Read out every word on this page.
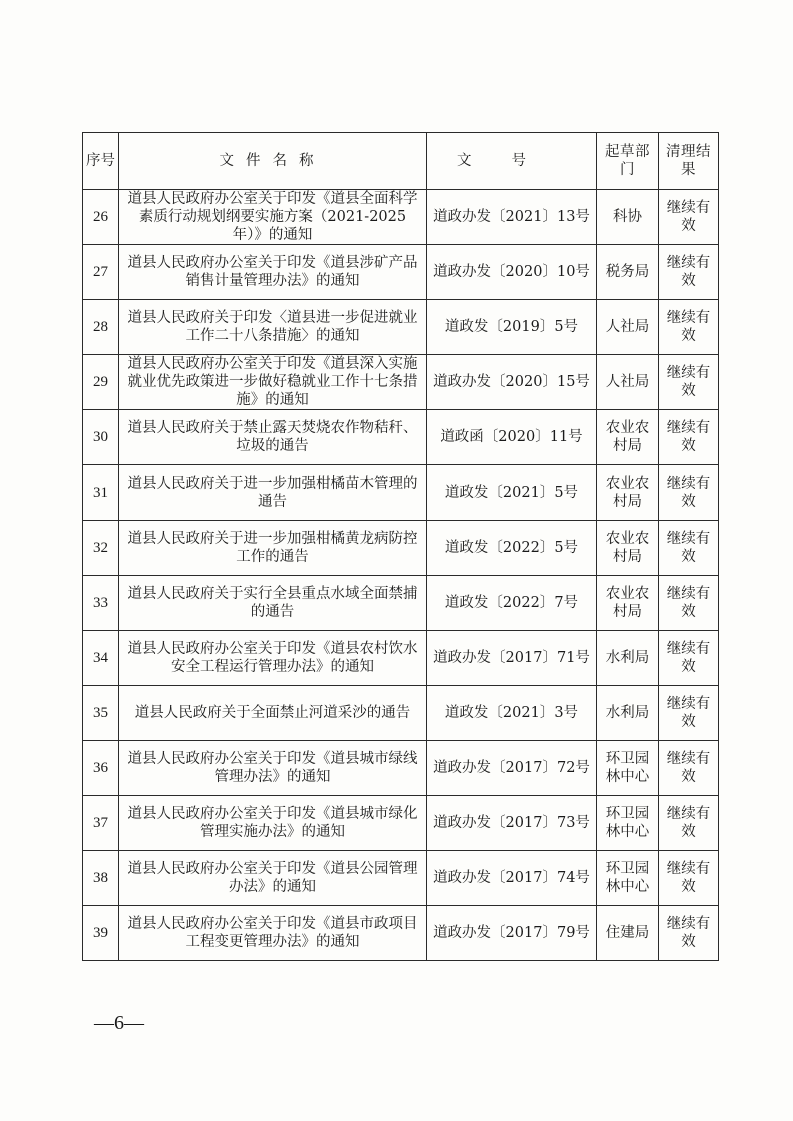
序号	文件名称	文号	起草部门	清理结果
26	道县人民政府办公室关于印发《道县全面科学素质行动规划纲要实施方案（2021-2025年）》的通知	道政办发〔2021〕13号	科协	继续有效
27	道县人民政府办公室关于印发《道县涉矿产品销售计量管理办法》的通知	道政办发〔2020〕10号	税务局	继续有效
28	道县人民政府关于印发〈道县进一步促进就业工作二十八条措施〉的通知	道政发〔2019〕5号	人社局	继续有效
29	道县人民政府办公室关于印发《道县深入实施就业优先政策进一步做好稳就业工作十七条措施》的通知	道政办发〔2020〕15号	人社局	继续有效
30	道县人民政府关于禁止露天焚烧农作物秸秆、垃圾的通告	道政函〔2020〕11号	农业农村局	继续有效
31	道县人民政府关于进一步加强柑橘苗木管理的通告	道政发〔2021〕5号	农业农村局	继续有效
32	道县人民政府关于进一步加强柑橘黄龙病防控工作的通告	道政发〔2022〕5号	农业农村局	继续有效
33	道县人民政府关于实行全县重点水域全面禁捕的通告	道政发〔2022〕7号	农业农村局	继续有效
34	道县人民政府办公室关于印发《道县农村饮水安全工程运行管理办法》的通知	道政办发〔2017〕71号	水利局	继续有效
35	道县人民政府关于全面禁止河道采沙的通告	道政发〔2021〕3号	水利局	继续有效
36	道县人民政府办公室关于印发《道县城市绿线管理办法》的通知	道政办发〔2017〕72号	环卫园林中心	继续有效
37	道县人民政府办公室关于印发《道县城市绿化管理实施办法》的通知	道政办发〔2017〕73号	环卫园林中心	继续有效
38	道县人民政府办公室关于印发《道县公园管理办法》的通知	道政办发〔2017〕74号	环卫园林中心	继续有效
39	道县人民政府办公室关于印发《道县市政项目工程变更管理办法》的通知	道政办发〔2017〕79号	住建局	继续有效
—6—
